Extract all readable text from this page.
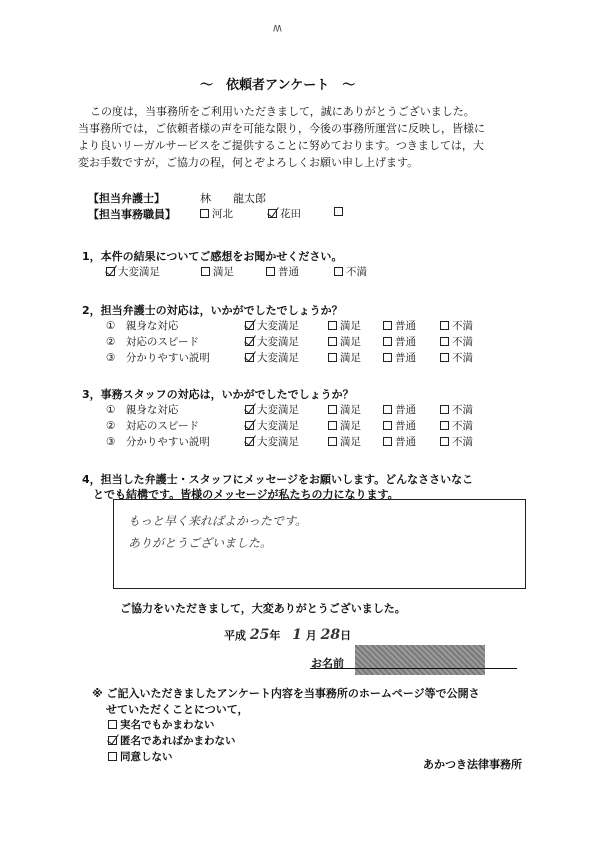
W
～　依頼者アンケート　～
この度は，当事務所をご利用いただきまして，誠にありがとうございました。
当事務所では，ご依頼者様の声を可能な限り，今後の事務所運営に反映し，皆様に
より良いリーガルサービスをご提供することに努めております。つきましては，大
変お手数ですが，ご協力の程，何とぞよろしくお願い申し上げます。
【担当弁護士】	林　　龍太郎
【担当事務職員】	河北	花田
1，本件の結果についてご感想をお聞かせください。
大変満足	満足	普通	不満
2，担当弁護士の対応は，いかがでしたでしょうか？
①　親身な対応	大変満足	満足	普通	不満
②　対応のスピード	大変満足	満足	普通	不満
③　分かりやすい説明	大変満足	満足	普通	不満
3，事務スタッフの対応は，いかがでしたでしょうか？
①　親身な対応	大変満足	満足	普通	不満
②　対応のスピード	大変満足	満足	普通	不満
③　分かりやすい説明	大変満足	満足	普通	不満
4，担当した弁護士・スタッフにメッセージをお願いします。どんなささいなこ
とでも結構です。皆様のメッセージが私たちの力になります。
もっと早く来ればよかったです。
ありがとうございました。
ご協力をいただきまして，大変ありがとうございました。
平成 25年 1 月 28日
お名前
※ ご記入いただきましたアンケート内容を当事務所のホームページ等で公開さ
せていただくことについて，
実名でもかまわない
匿名であればかまわない
同意しない
あかつき法律事務所
